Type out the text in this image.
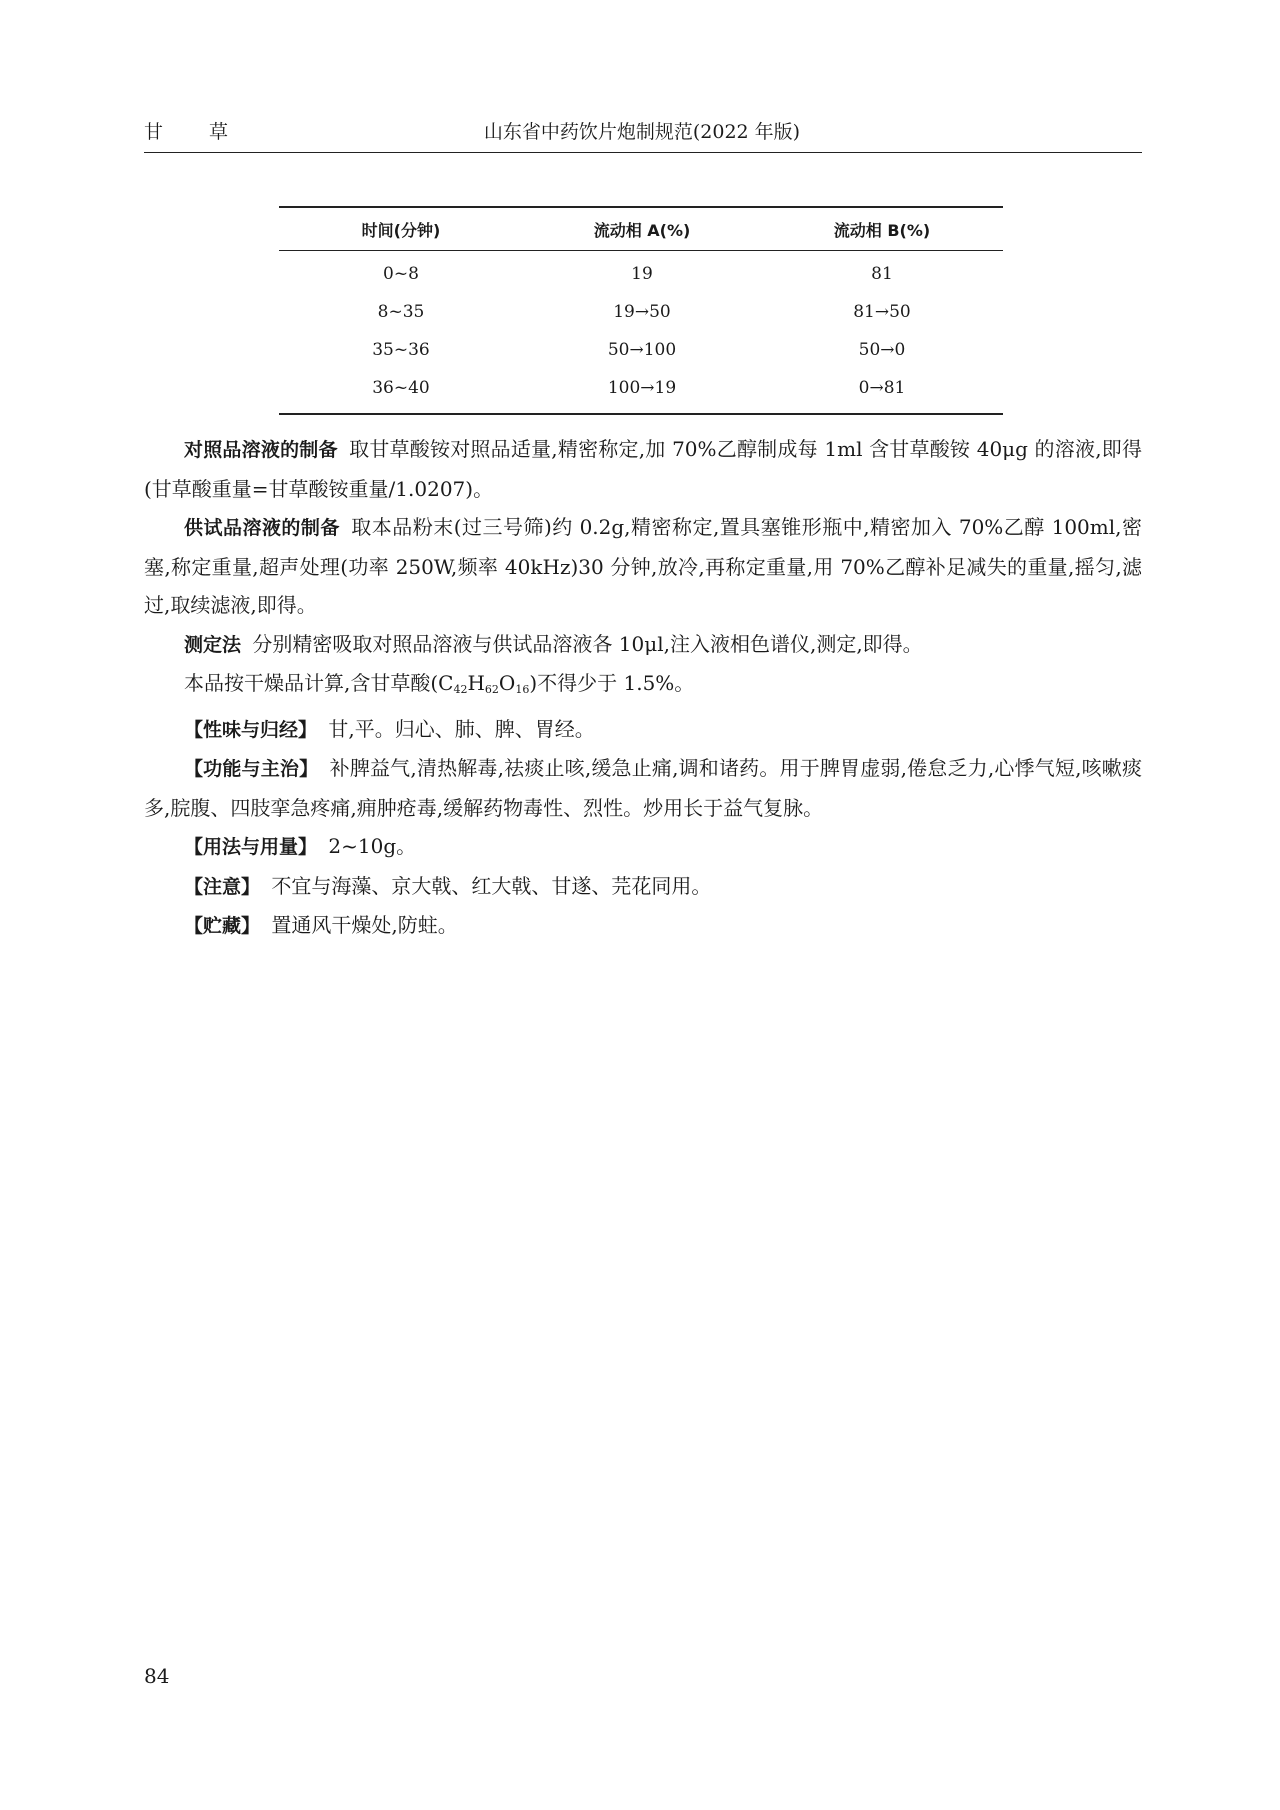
甘 草	山东省中药饮片炮制规范(2022 年版)
时间(分钟)	流动相 A(%)	流动相 B(%)
0~8	19	81
8~35	19→50	81→50
35~36	50→100	50→0
36~40	100→19	0→81

对照品溶液的制备 取甘草酸铵对照品适量,精密称定,加 70%乙醇制成每 1ml 含甘草酸铵 40μg 的溶液,即得(甘草酸重量=甘草酸铵重量/1.0207)。

供试品溶液的制备 取本品粉末(过三号筛)约 0.2g,精密称定,置具塞锥形瓶中,精密加入 70%乙醇 100ml,密塞,称定重量,超声处理(功率 250W,频率 40kHz)30 分钟,放冷,再称定重量,用 70%乙醇补足减失的重量,摇匀,滤过,取续滤液,即得。

测定法 分别精密吸取对照品溶液与供试品溶液各 10μl,注入液相色谱仪,测定,即得。

本品按干燥品计算,含甘草酸$(C_{42}H_{62}O_{16})$不得少于 1.5%。

【性味与归经】 甘,平。归心、肺、脾、胃经。

【功能与主治】 补脾益气,清热解毒,祛痰止咳,缓急止痛,调和诸药。用于脾胃虚弱,倦怠乏力,心悸气短,咳嗽痰多,脘腹、四肢挛急疼痛,痈肿疮毒,缓解药物毒性、烈性。炒用长于益气复脉。

【用法与用量】 2~10g。

【注意】 不宜与海藻、京大戟、红大戟、甘遂、芫花同用。

【贮藏】 置通风干燥处,防蛀。

84
